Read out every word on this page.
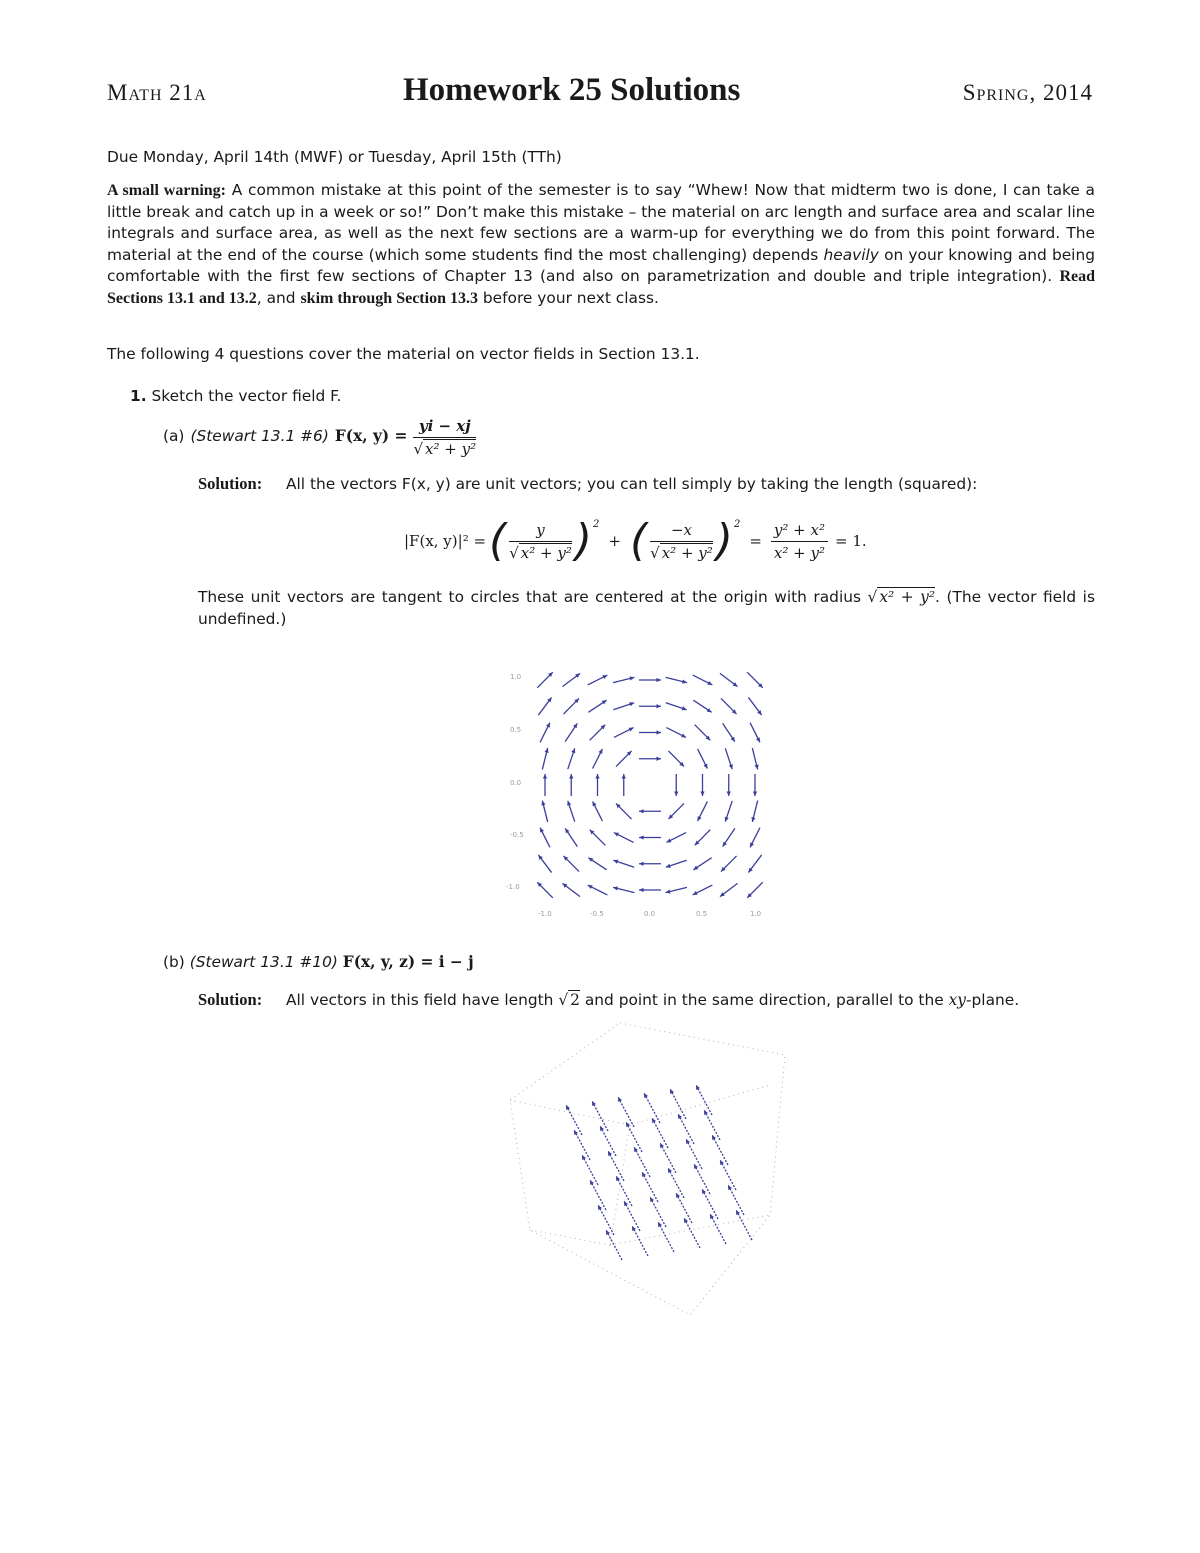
Math 21a	Homework 25 Solutions	Spring, 2014
Due Monday, April 14th (MWF) or Tuesday, April 15th (TTh)
A small warning: A common mistake at this point of the semester is to say “Whew! Now that midterm two is done, I can take a little break and catch up in a week or so!” Don’t make this mistake – the material on arc length and surface area and scalar line integrals and surface area, as well as the next few sections are a warm-up for everything we do from this point forward. The material at the end of the course (which some students find the most challenging) depends heavily on your knowing and being comfortable with the first few sections of Chapter 13 (and also on parametrization and double and triple integration). Read Sections 13.1 and 13.2, and skim through Section 13.3 before your next class.
The following 4 questions cover the material on vector fields in Section 13.1.
1. Sketch the vector field F.
(a) (Stewart 13.1 #6) F(x, $y) = \frac{yi - xj}{\text{√ x² + y²}}$
Solution: All the vectors F(x, y) are unit vectors; you can tell simply by taking the length (squared):
|F(x, y)|² = ( $\frac{y}{\text{√ x² + y²}} )^2$
+ ( $\frac{-x}{\text{√ x² + y²}} )^2$
= $\frac{\text{y² + x²}}{\text{x² + y²}} = 1$.
These unit vectors are tangent to circles that are centered at the origin with radius √ x² + y². (The vector field is undefined.)
1.0
0.5
0.0
-0.5
-1.0
-1.0	-0.5	0.0	0.5	1.0
(b) (Stewart 13.1 #10) F(x, y, z) = i − j
Solution: All vectors in this field have length √ 2 and point in the same direction, parallel to the xy-plane.
